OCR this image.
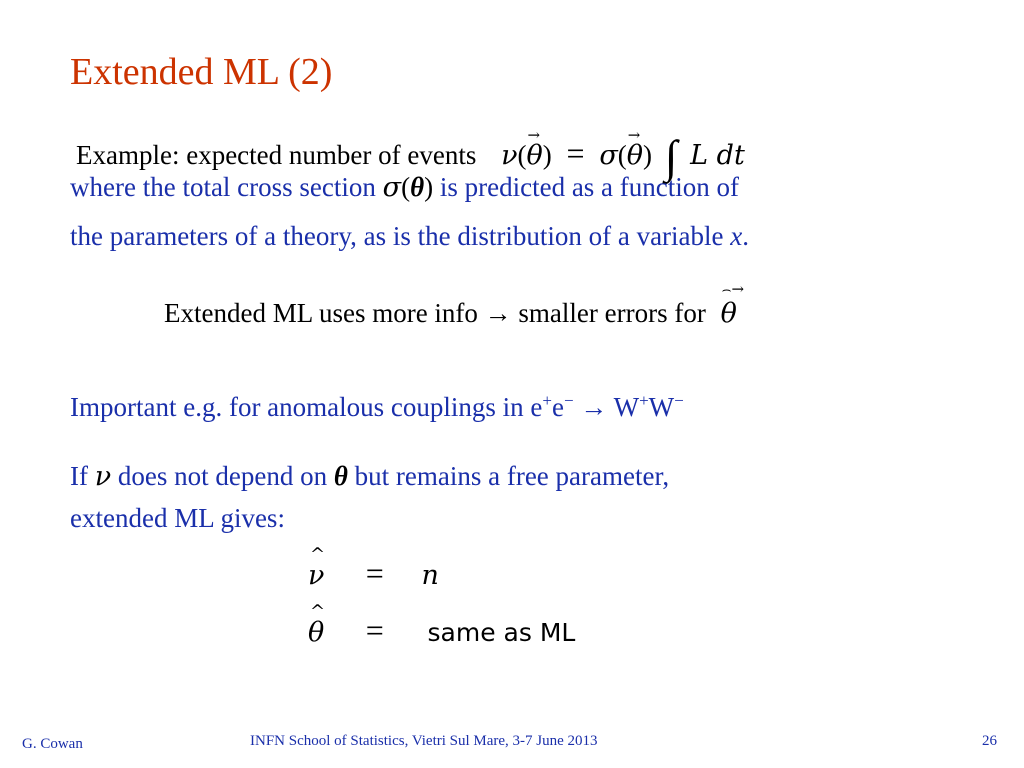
Extended ML (2)
Example: expected number of events ν(
→
θ) = σ(
→
θ) ∫ L dt
where the total cross section σ(θ) is predicted as a function of
the parameters of a theory, as is the distribution of a variable x.
Extended ML uses more info → smaller errors for
⌢→
θ
Important e.g. for anomalous couplings in e+e− → W+W−
If ν does not depend on θ but remains a free parameter,
extended ML gives:
^
ν = n
^
θ = same as ML
G. Cowan	INFN School of Statistics, Vietri Sul Mare, 3-7 June 2013	26
